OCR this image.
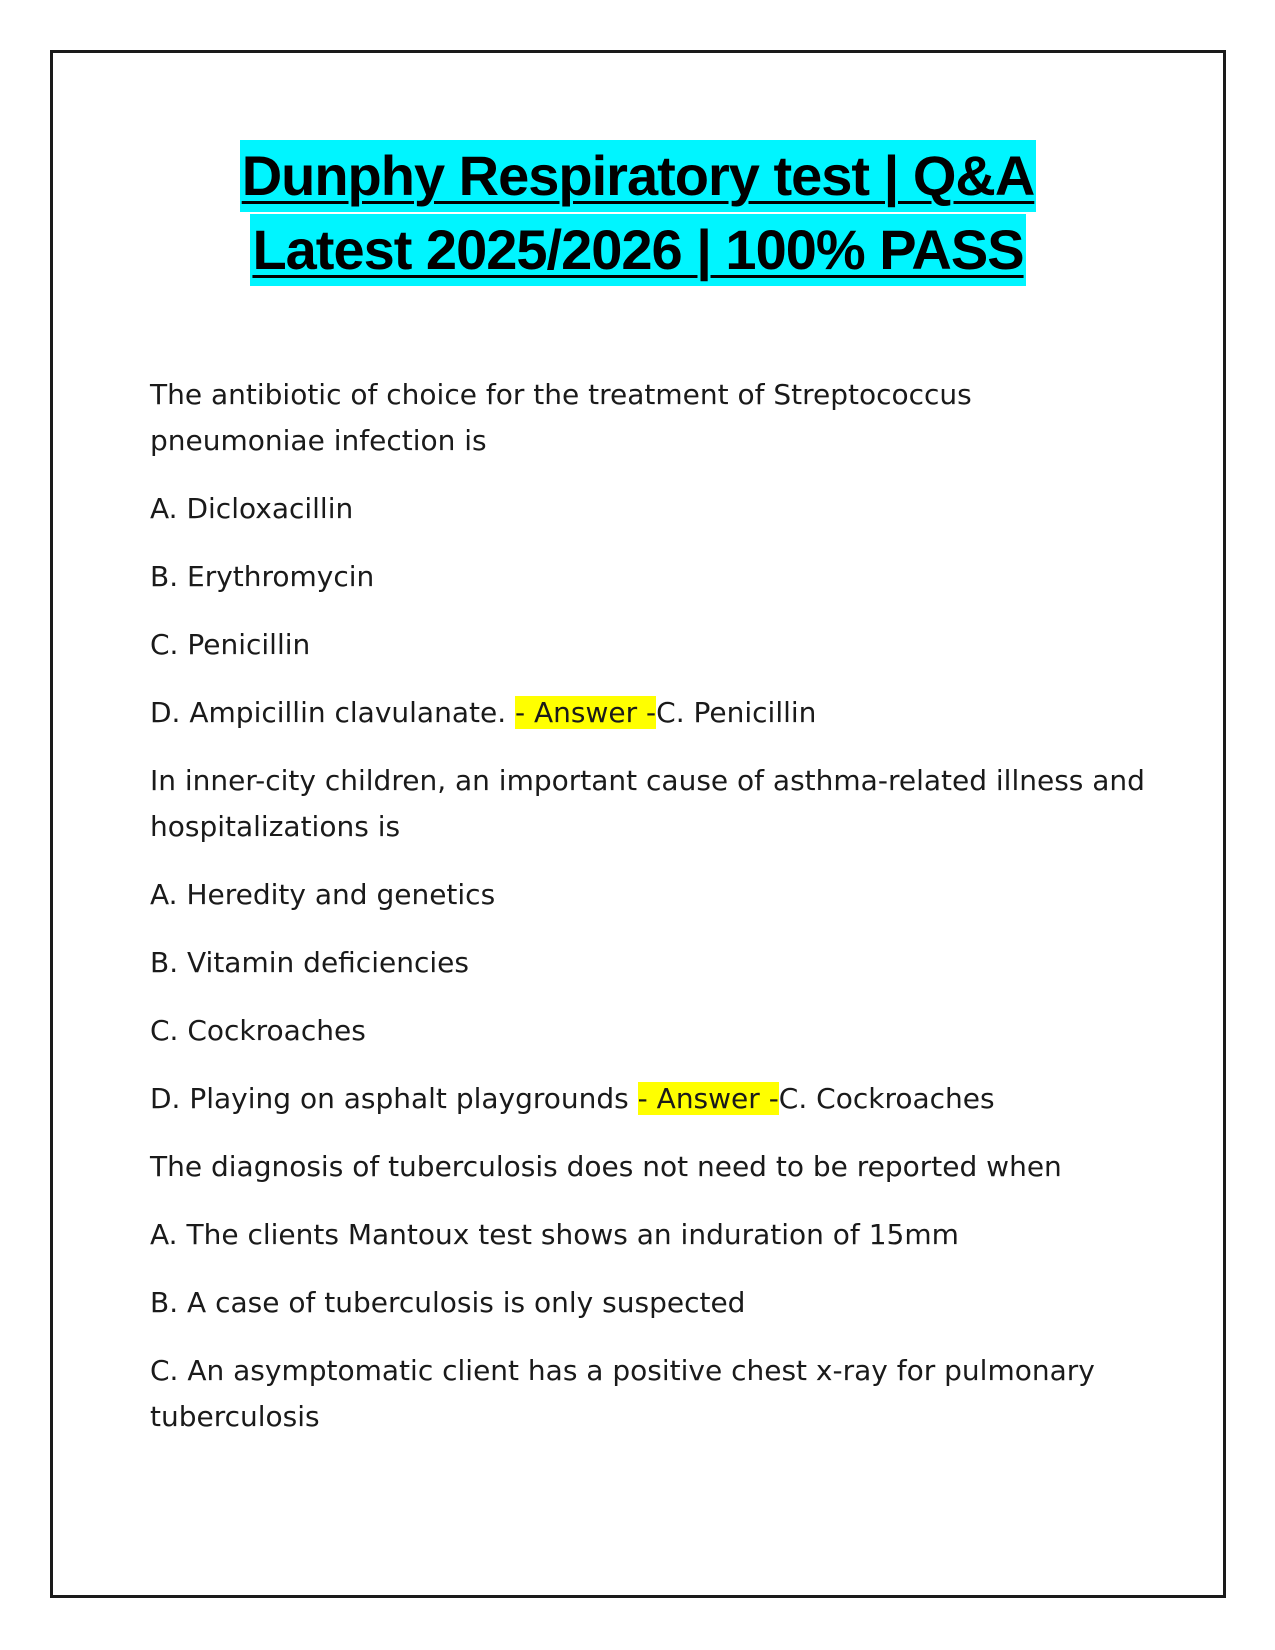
Dunphy Respiratory test | Q&A
Latest 2025/2026 | 100% PASS

The antibiotic of choice for the treatment of Streptococcus pneumoniae infection is

A. Dicloxacillin

B. Erythromycin

C. Penicillin

D. Ampicillin clavulanate. - Answer -C. Penicillin

In inner-city children, an important cause of asthma-related illness and hospitalizations is

A. Heredity and genetics

B. Vitamin deficiencies

C. Cockroaches

D. Playing on asphalt playgrounds - Answer -C. Cockroaches

The diagnosis of tuberculosis does not need to be reported when

A. The clients Mantoux test shows an induration of 15mm

B. A case of tuberculosis is only suspected

C. An asymptomatic client has a positive chest x-ray for pulmonary tuberculosis
